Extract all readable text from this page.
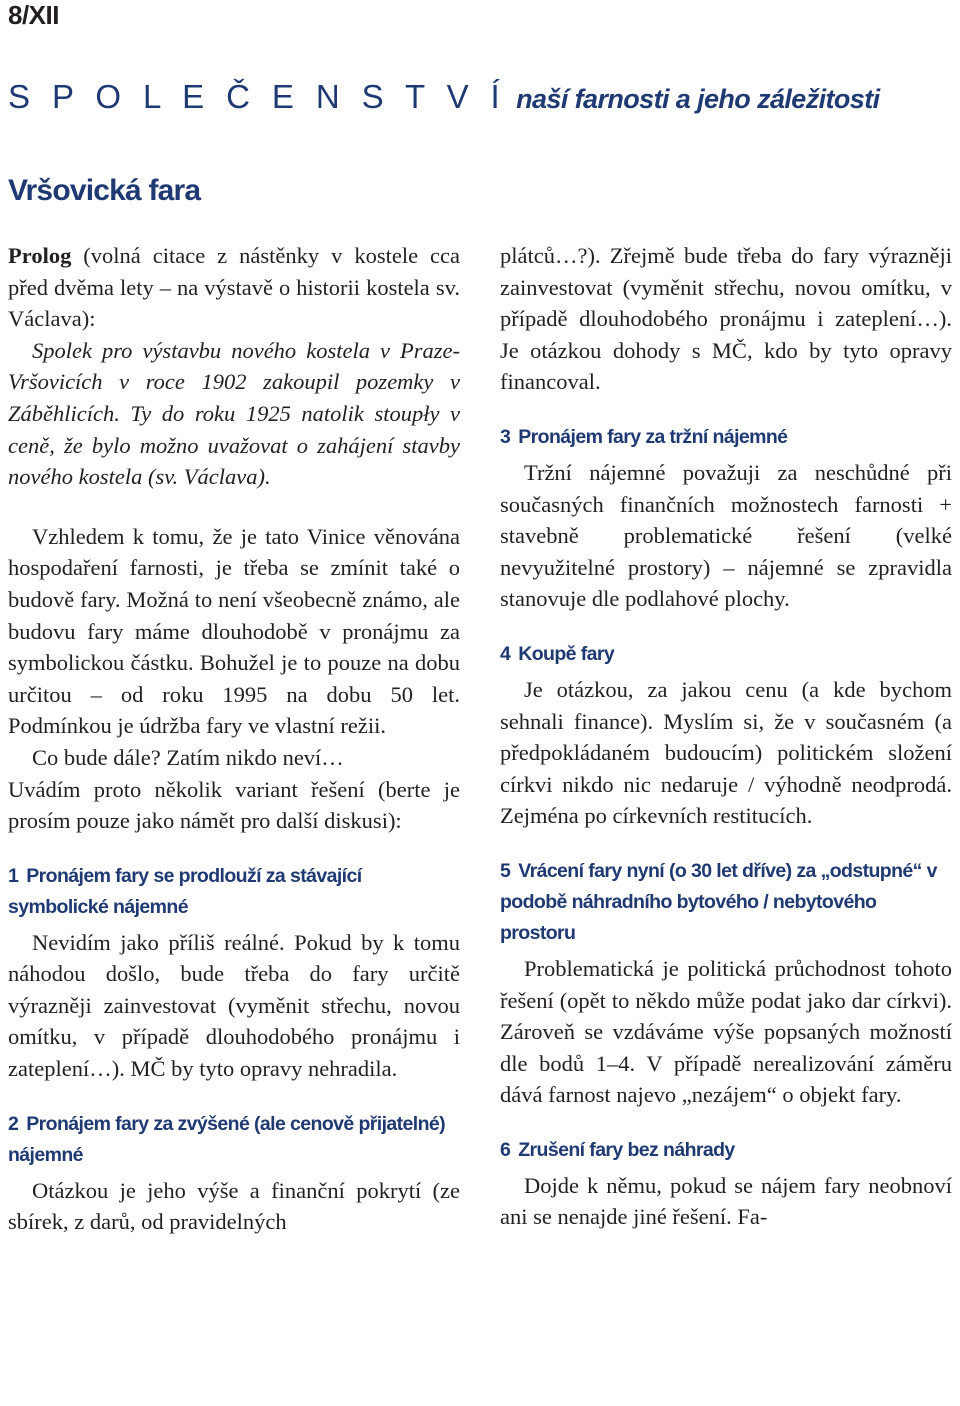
8/XII
S P O L E Č E N S T V Í naší farnosti a jeho záležitosti
Vršovická fara

Prolog (volná citace z nástěnky v kostele cca před dvěma lety – na výstavě o historii kostela sv. Václava):

Spolek pro výstavbu nového kostela v Praze-Vršovicích v roce 1902 zakoupil pozemky v Záběhlicích. Ty do roku 1925 natolik stoupły v ceně, že bylo možno uvažovat o zahájení stavby nového kostela (sv. Václava).

Vzhledem k tomu, že je tato Vinice věnována hospodaření farnosti, je třeba se zmínit také o budově fary. Možná to není všeobecně známo, ale budovu fary máme dlouhodobě v pronájmu za symbolickou částku. Bohužel je to pouze na dobu určitou – od roku 1995 na dobu 50 let. Podmínkou je údržba fary ve vlastní režii.

Co bude dále? Zatím nikdo neví…

Uvádím proto několik variant řešení (berte je prosím pouze jako námět pro další diskusi):

1 Pronájem fary se prodlouží za stávající symbolické nájemné

Nevidím jako příliš reálné. Pokud by k tomu náhodou došlo, bude třeba do fary určitě výrazněji zainvestovat (vyměnit střechu, novou omítku, v případě dlouhodobého pronájmu i zateplení…). MČ by tyto opravy nehradila.

2 Pronájem fary za zvýšené (ale cenově přijatelné) nájemné

Otázkou je jeho výše a finanční pokrytí (ze sbírek, z darů, od pravidelných

plátců…?). Zřejmě bude třeba do fary výrazněji zainvestovat (vyměnit střechu, novou omítku, v případě dlouhodobého pronájmu i zateplení…). Je otázkou dohody s MČ, kdo by tyto opravy financoval.

3 Pronájem fary za tržní nájemné

Tržní nájemné považuji za neschůdné při současných finančních možnostech farnosti + stavebně problematické řešení (velké nevyužitelné prostory) – nájemné se zpravidla stanovuje dle podlahové plochy.

4 Koupě fary

Je otázkou, za jakou cenu (a kde bychom sehnali finance). Myslím si, že v současném (a předpokládaném budoucím) politickém složení církvi nikdo nic nedaruje / výhodně neodprodá. Zejména po církevních restitucích.

5 Vrácení fary nyní (o 30 let dříve) za „odstupné“ v podobě náhradního bytového / nebytového prostoru

Problematická je politická průchodnost tohoto řešení (opět to někdo může podat jako dar církvi). Zároveň se vzdáváme výše popsaných možností dle bodů 1–4. V případě nerealizování záměru dává farnost najevo „nezájem“ o objekt fary.

6 Zrušení fary bez náhrady

Dojde k němu, pokud se nájem fary neobnoví ani se nenajde jiné řešení. Fa-
